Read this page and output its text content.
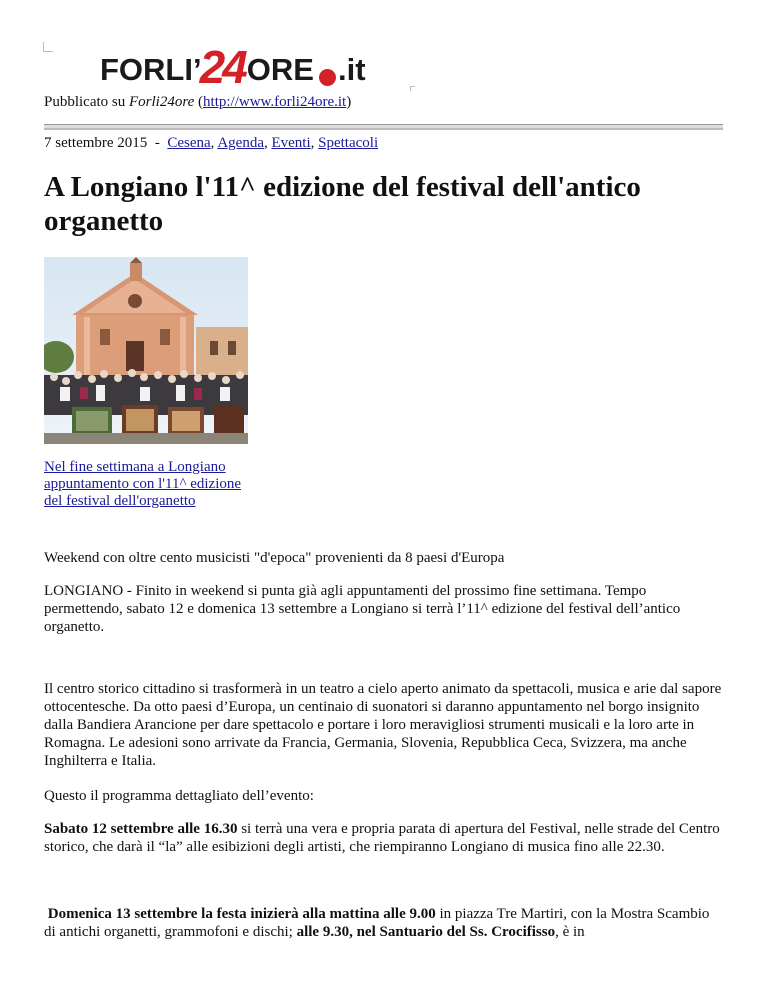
FORLI’
24 ORE .it
Pubblicato su Forli24ore (http://www.forli24ore.it)
7 settembre 2015  -  Cesena, Agenda, Eventi, Spettacoli
A Longiano l'11^ edizione del festival dell'antico organetto
Nel fine settimana a Longiano appuntamento con l'11^ edizione del festival dell'organetto

Weekend con oltre cento musicisti "d'epoca" provenienti da 8 paesi d'Europa

LONGIANO - Finito in weekend si punta già agli appuntamenti del prossimo fine settimana. Tempo permettendo, sabato 12 e domenica 13 settembre a Longiano si terrà l’11^ edizione del festival dell’antico organetto.

Il centro storico cittadino si trasformerà in un teatro a cielo aperto animato da spettacoli, musica e arie dal sapore ottocentesche. Da otto paesi d’Europa, un centinaio di suonatori si daranno appuntamento nel borgo insignito dalla Bandiera Arancione per dare spettacolo e portare i loro meravigliosi strumenti musicali e la loro arte in Romagna. Le adesioni sono arrivate da Francia, Germania, Slovenia, Repubblica Ceca, Svizzera, ma anche Inghilterra e Italia.

Questo il programma dettagliato dell’evento:

Sabato 12 settembre alle 16.30 si terrà una vera e propria parata di apertura del Festival, nelle strade del Centro storico, che darà il “la” alle esibizioni degli artisti, che riempiranno Longiano di musica fino alle 22.30.

Domenica 13 settembre la festa inizierà alla mattina alle 9.00 in piazza Tre Martiri, con la Mostra Scambio di antichi organetti, grammofoni e dischi; alle 9.30, nel Santuario del Ss. Crocifisso, è in
